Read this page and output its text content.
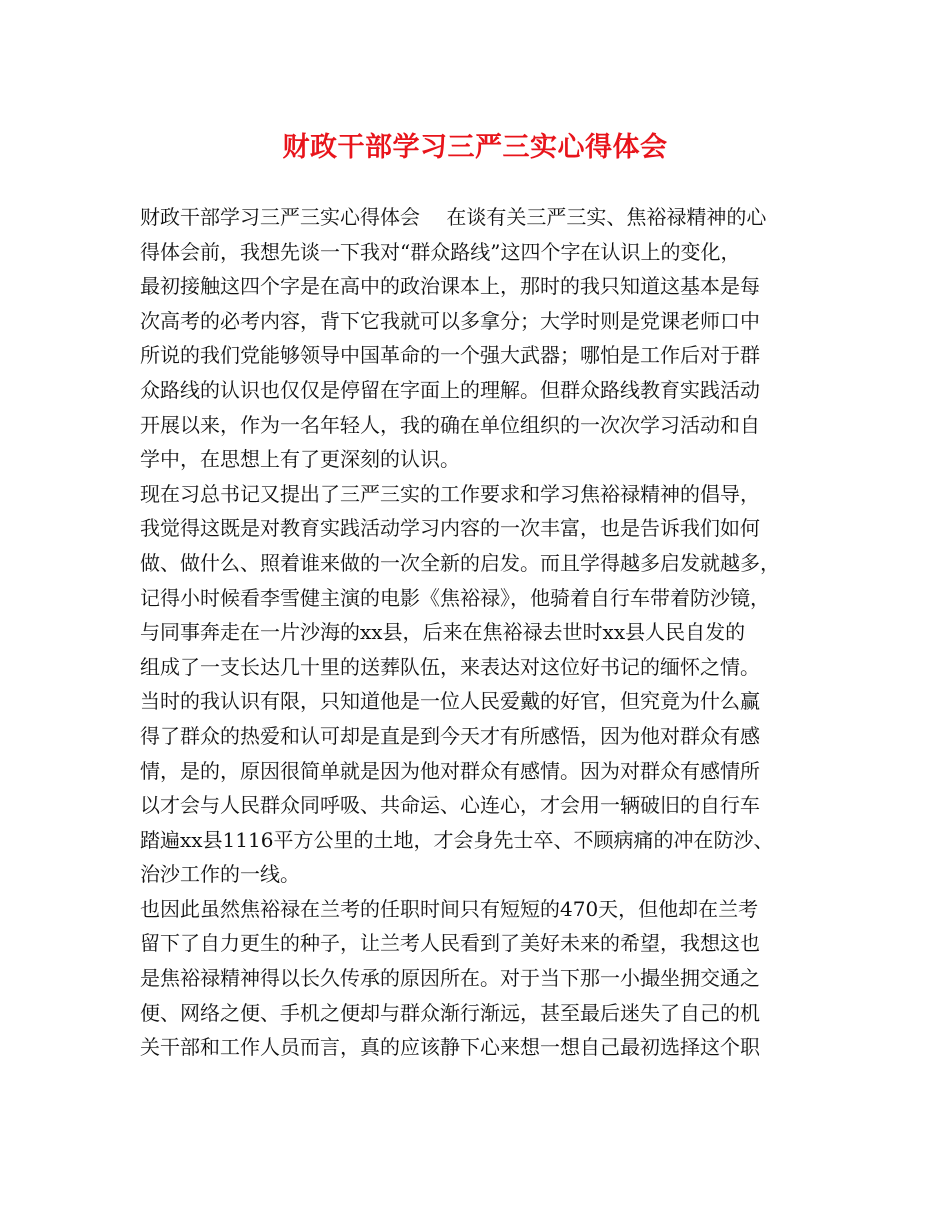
财政干部学习三严三实心得体会
财政干部学习三严三实心得体会　 在谈有关三严三实、焦裕禄精神的心
得体会前，我想先谈一下我对“群众路线”这四个字在认识上的变化，
最初接触这四个字是在高中的政治课本上，那时的我只知道这基本是每
次高考的必考内容，背下它我就可以多拿分；大学时则是党课老师口中
所说的我们党能够领导中国革命的一个强大武器；哪怕是工作后对于群
众路线的认识也仅仅是停留在字面上的理解。但群众路线教育实践活动
开展以来，作为一名年轻人，我的确在单位组织的一次次学习活动和自
学中，在思想上有了更深刻的认识。
现在习总书记又提出了三严三实的工作要求和学习焦裕禄精神的倡导，
我觉得这既是对教育实践活动学习内容的一次丰富，也是告诉我们如何
做、做什么、照着谁来做的一次全新的启发。而且学得越多启发就越多，
记得小时候看李雪健主演的电影《焦裕禄》，他骑着自行车带着防沙镜，
与同事奔走在一片沙海的xx县，后来在焦裕禄去世时xx县人民自发的
组成了一支长达几十里的送葬队伍，来表达对这位好书记的缅怀之情。
当时的我认识有限，只知道他是一位人民爱戴的好官，但究竟为什么赢
得了群众的热爱和认可却是直是到今天才有所感悟，因为他对群众有感
情，是的，原因很简单就是因为他对群众有感情。因为对群众有感情所
以才会与人民群众同呼吸、共命运、心连心，才会用一辆破旧的自行车
踏遍xx县1116平方公里的土地，才会身先士卒、不顾病痛的冲在防沙、
治沙工作的一线。
也因此虽然焦裕禄在兰考的任职时间只有短短的470天，但他却在兰考
留下了自力更生的种子，让兰考人民看到了美好未来的希望，我想这也
是焦裕禄精神得以长久传承的原因所在。对于当下那一小撮坐拥交通之
便、网络之便、手机之便却与群众渐行渐远，甚至最后迷失了自己的机
关干部和工作人员而言，真的应该静下心来想一想自己最初选择这个职
